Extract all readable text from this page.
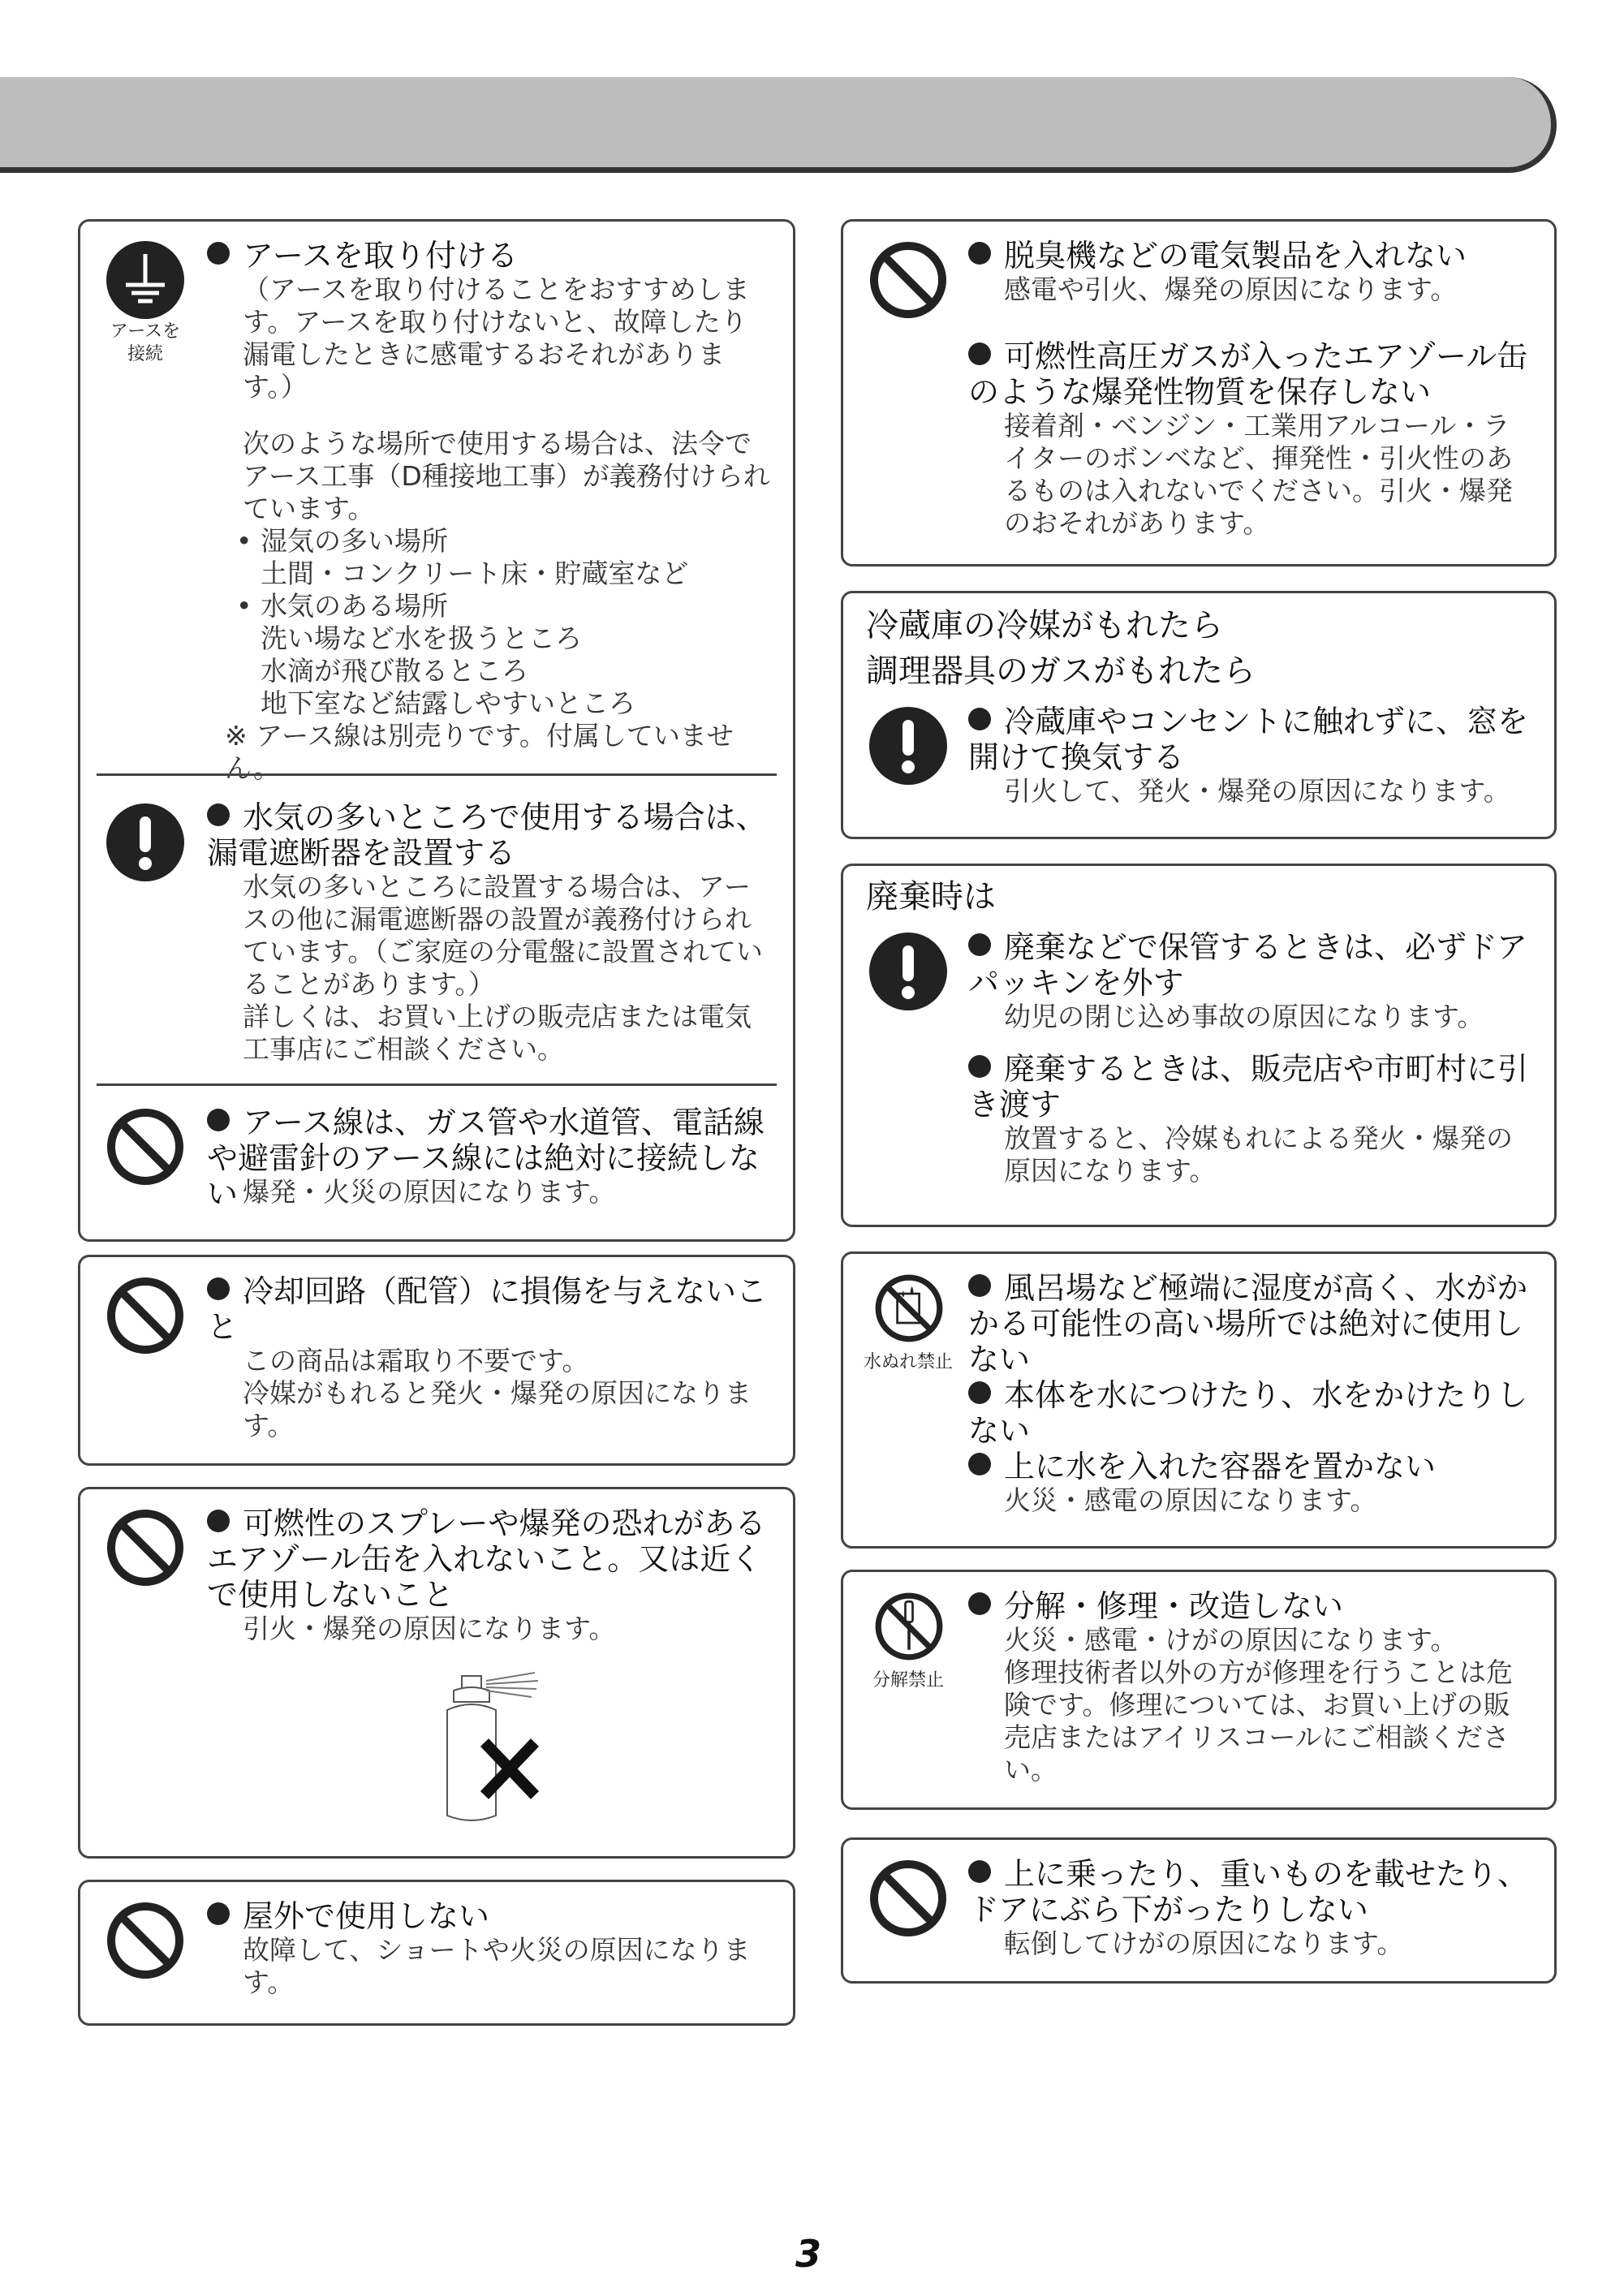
アースを
接続
アースを取り付ける
（アースを取り付けることをおすすめします。アースを取り付けないと、故障したり漏電したときに感電するおそれがあります。）
次のような場所で使用する場合は、法令でアース工事（D種接地工事）が義務付けられています。
• 湿気の多い場所
土間・コンクリート床・貯蔵室など
• 水気のある場所
洗い場など水を扱うところ
水滴が飛び散るところ
地下室など結露しやすいところ
※ アース線は別売りです。付属していません。
水気の多いところで使用する場合は、漏電遮断器を設置する
水気の多いところに設置する場合は、アースの他に漏電遮断器の設置が義務付けられています。（ご家庭の分電盤に設置されていることがあります。）
詳しくは、お買い上げの販売店または電気工事店にご相談ください。
アース線は、ガス管や水道管、電話線や避雷針のアース線には絶対に接続しない 爆発・火災の原因になります。
冷却回路（配管）に損傷を与えないこと
この商品は霜取り不要です。
冷媒がもれると発火・爆発の原因になります。
可燃性のスプレーや爆発の恐れがあるエアゾール缶を入れないこと。又は近くで使用しないこと
引火・爆発の原因になります。
屋外で使用しない
故障して、ショートや火災の原因になります。
脱臭機などの電気製品を入れない
感電や引火、爆発の原因になります。
可燃性高圧ガスが入ったエアゾール缶のような爆発性物質を保存しない
接着剤・ベンジン・工業用アルコール・ライターのボンベなど、揮発性・引火性のあるものは入れないでください。引火・爆発のおそれがあります。
冷蔵庫の冷媒がもれたら
調理器具のガスがもれたら
冷蔵庫やコンセントに触れずに、窓を開けて換気する
引火して、発火・爆発の原因になります。
廃棄時は
廃棄などで保管するときは、必ずドアパッキンを外す
幼児の閉じ込め事故の原因になります。
廃棄するときは、販売店や市町村に引き渡す
放置すると、冷媒もれによる発火・爆発の原因になります。
水ぬれ禁止
風呂場など極端に湿度が高く、水がかかる可能性の高い場所では絶対に使用しない
本体を水につけたり、水をかけたりしない
上に水を入れた容器を置かない
火災・感電の原因になります。
分解禁止
分解・修理・改造しない
火災・感電・けがの原因になります。
修理技術者以外の方が修理を行うことは危険です。修理については、お買い上げの販売店またはアイリスコールにご相談ください。
上に乗ったり、重いものを載せたり、ドアにぶら下がったりしない
転倒してけがの原因になります。
3
